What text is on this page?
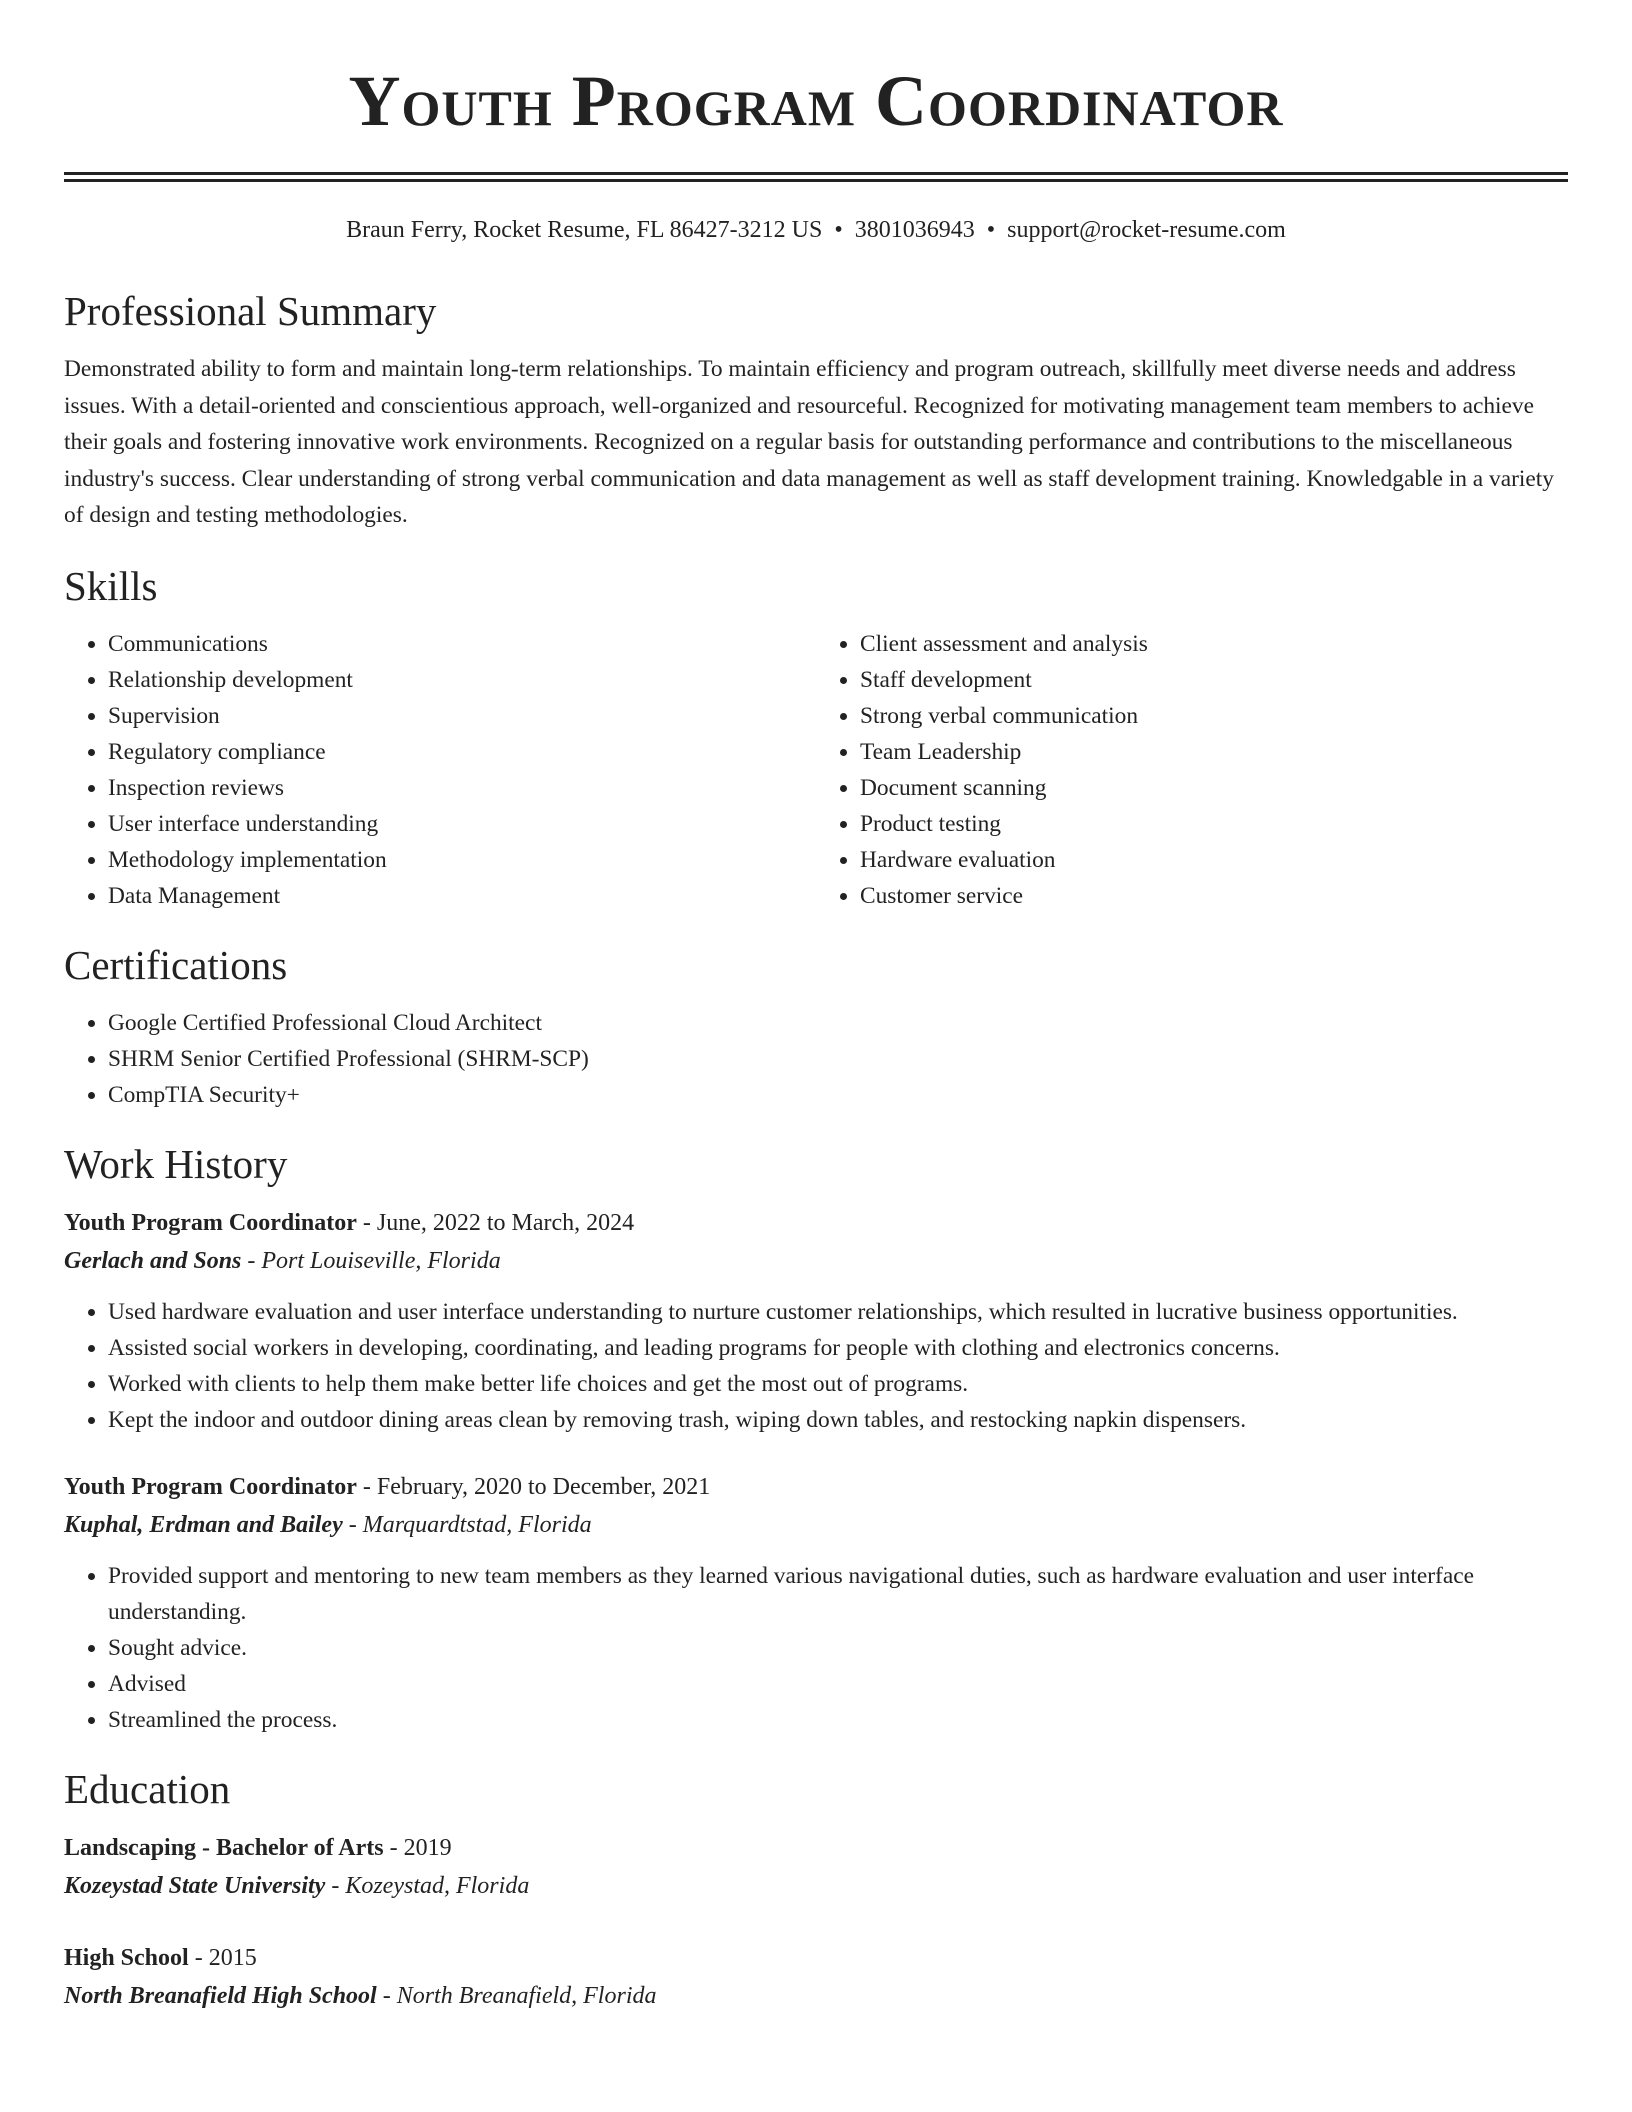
Youth Program Coordinator
Braun Ferry, Rocket Resume, FL 86427-3212 US • 3801036943 • support@rocket-resume.com
Professional Summary

Demonstrated ability to form and maintain long-term relationships. To maintain efficiency and program outreach, skillfully meet diverse needs and address issues. With a detail-oriented and conscientious approach, well-organized and resourceful. Recognized for motivating management team members to achieve their goals and fostering innovative work environments. Recognized on a regular basis for outstanding performance and contributions to the miscellaneous industry's success. Clear understanding of strong verbal communication and data management as well as staff development training. Knowledgable in a variety of design and testing methodologies.

Skills
• Communications
• Relationship development
• Supervision
• Regulatory compliance
• Inspection reviews
• User interface understanding
• Methodology implementation
• Data Management
• Client assessment and analysis
• Staff development
• Strong verbal communication
• Team Leadership
• Document scanning
• Product testing
• Hardware evaluation
• Customer service
Certifications
• Google Certified Professional Cloud Architect
• SHRM Senior Certified Professional (SHRM-SCP)
• CompTIA Security+
Work History

Youth Program Coordinator - June, 2022 to March, 2024

Gerlach and Sons - Port Louiseville, Florida

• Used hardware evaluation and user interface understanding to nurture customer relationships, which resulted in lucrative business opportunities.
• Assisted social workers in developing, coordinating, and leading programs for people with clothing and electronics concerns.
• Worked with clients to help them make better life choices and get the most out of programs.
• Kept the indoor and outdoor dining areas clean by removing trash, wiping down tables, and restocking napkin dispensers.

Youth Program Coordinator - February, 2020 to December, 2021

Kuphal, Erdman and Bailey - Marquardtstad, Florida

• Provided support and mentoring to new team members as they learned various navigational duties, such as hardware evaluation and user interface understanding.
• Sought advice.
• Advised
• Streamlined the process.
Education

Landscaping - Bachelor of Arts - 2019

Kozeystad State University - Kozeystad, Florida

High School - 2015

North Breanafield High School - North Breanafield, Florida
